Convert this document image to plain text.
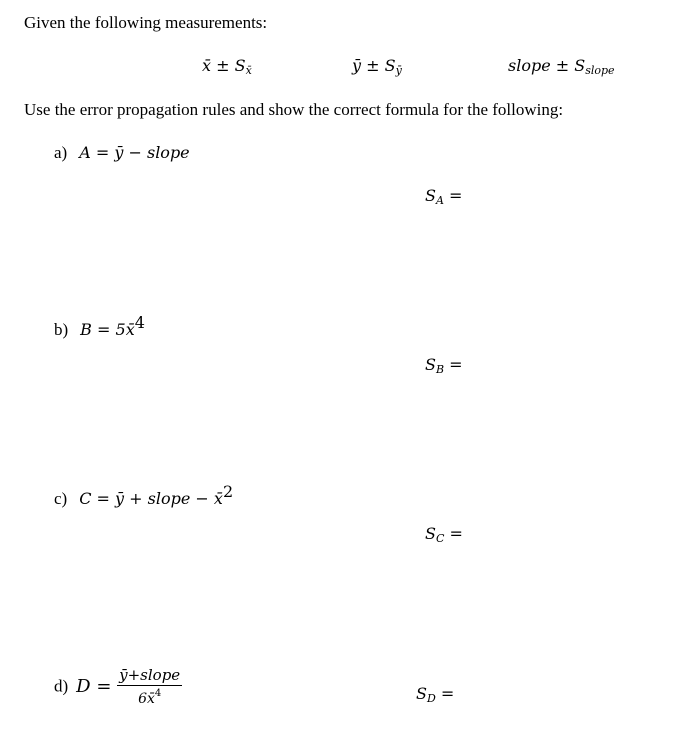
Given the following measurements:
x̄ ± $S_{x̄}$	ȳ ± $S_ȳ$	slope ± $S_{slope}$
Use the error propagation rules and show the correct formula for the following:
a) A = ȳ − slope
$S_A$ =
b) B = 5x̄$^4$
$S_B$ =
c) C = ȳ + slope − x̄$^2$
$S_C$ =
d) $D = \frac{\text{ȳ+slope}}{6x̄^4}$	$S_D$ =
